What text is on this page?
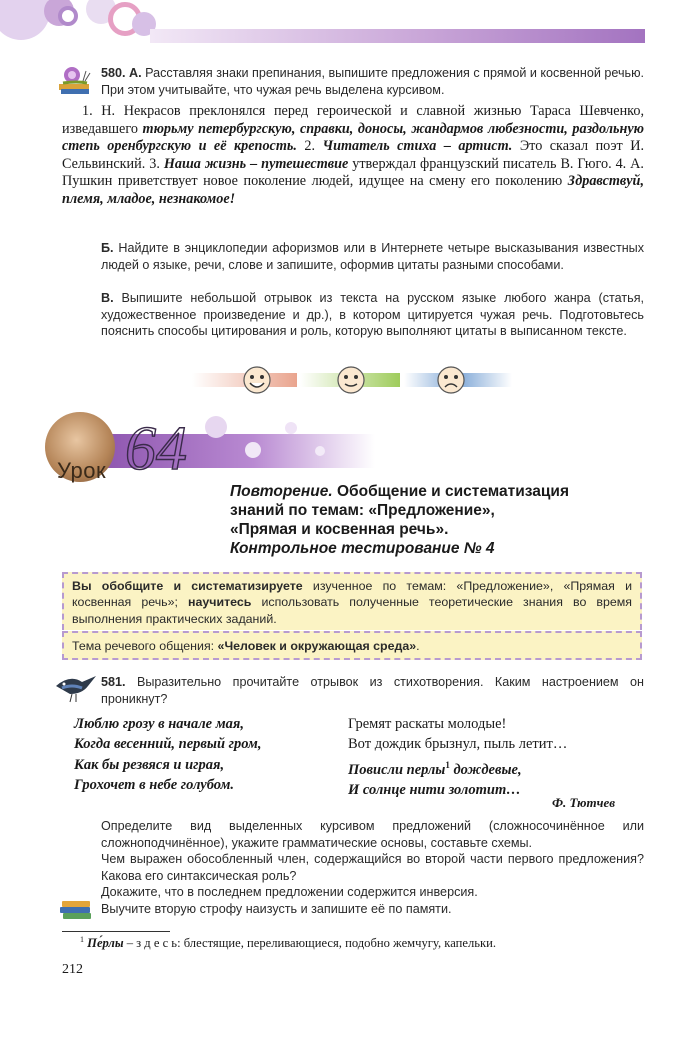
580. А. Расставляя знаки препинания, выпишите предложения с прямой и косвенной речью. При этом учитывайте, что чужая речь выделена курсивом.

1. Н. Некрасов преклонялся перед героической и славной жизнью Тараса Шевченко, изведавшего тюрьму петербургскую, справки, доносы, жандармов любезности, раздольную степь оренбургскую и её крепость. 2. Читатель стиха – артист. Это сказал поэт И. Сельвинский. 3. Наша жизнь – путешествие утверждал французский писатель В. Гюго. 4. А. Пушкин приветствует новое поколение людей, идущее на смену его поколению Здравствуй, племя, младое, незнакомое!

Б. Найдите в энциклопедии афоризмов или в Интернете четыре высказывания известных людей о языке, речи, слове и запишите, оформив цитаты разными способами.

В. Выпишите небольшой отрывок из текста на русском языке любого жанра (статья, художественное произведение и др.), в котором цитируется чужая речь. Подготовьтесь пояснить способы цитирования и роль, которую выполняют цитаты в выписанном тексте.

Урок 64
Повторение. Обобщение и систематизация
знаний по темам: «Предложение»,
«Прямая и косвенная речь».
Контрольное тестирование № 4

Вы обобщите и систематизируете изученное по темам: «Предложение», «Прямая и косвенная речь»; научитесь использовать полученные теоретические знания во время выполнения практических заданий.

Тема речевого общения: «Человек и окружающая среда».

581. Выразительно прочитайте отрывок из стихотворения. Каким настроением он проникнут?

Люблю грозу в начале мая,
Когда весенний, первый гром,
Как бы резвяся и играя,
Грохочет в небе голубом.
Гремят раскаты молодые!
Вот дождик брызнул, пыль летит…
Повисли перлы$^1$ дождевые,
И солнце нити золотит…
Ф. Тютчев

Определите вид выделенных курсивом предложений (сложносочинённое или сложноподчинённое), укажите грамматические основы, составьте схемы.

Чем выражен обособленный член, содержащийся во второй части первого предложения? Какова его синтаксическая роль?

Докажите, что в последнем предложении содержится инверсия.

Выучите вторую строфу наизусть и запишите её по памяти.

$^1$ Пе́рлы – з д е с ь: блестящие, переливающиеся, подобно жемчугу, капельки.
212
